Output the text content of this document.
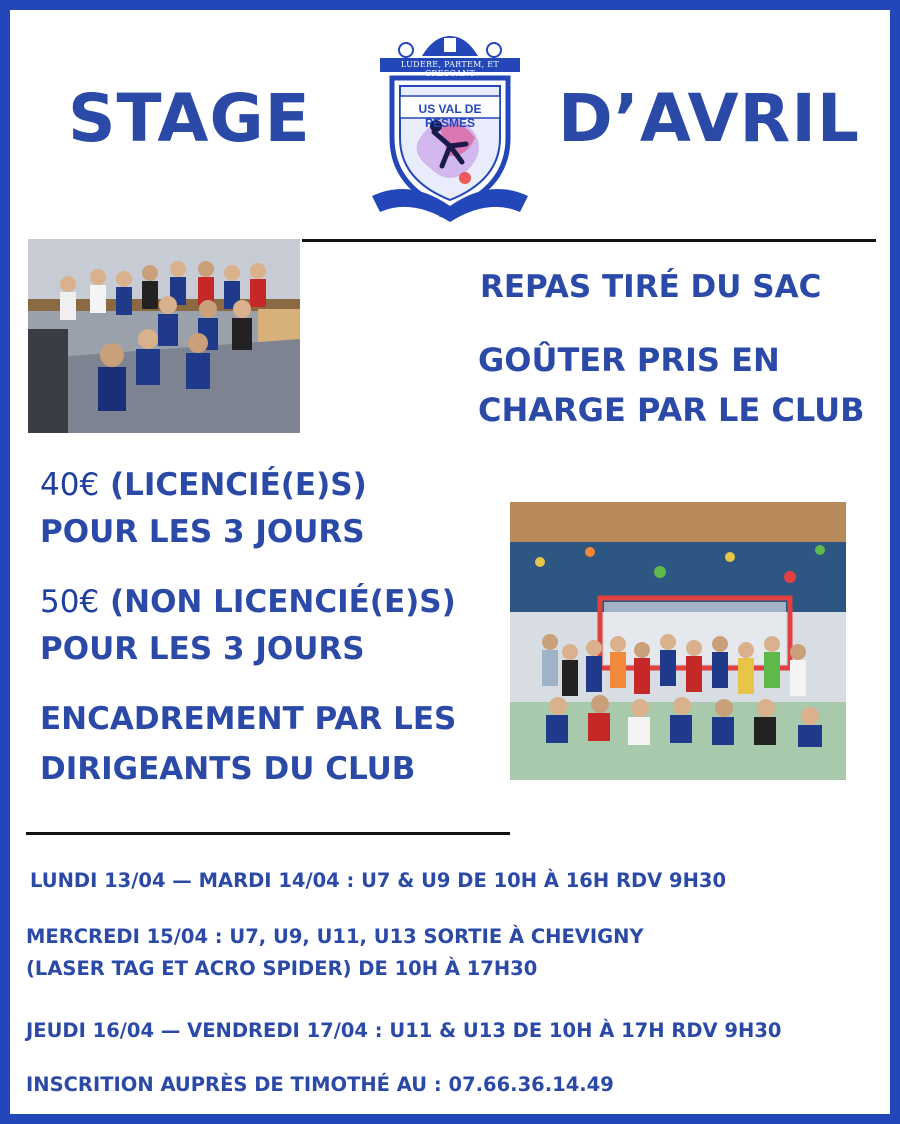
STAGE	D’AVRIL
LUDERE, PARTEM, ET CRESCANT
US VAL DE PESMES
1909
REPAS TIRÉ DU SAC
GOÛTER PRIS EN
CHARGE PAR LE CLUB
40€ (LICENCIÉ(E)S)
POUR LES 3 JOURS
50€ (NON LICENCIÉ(E)S)
POUR LES 3 JOURS
ENCADREMENT PAR LES
DIRIGEANTS DU CLUB
LUNDI 13/04 — MARDI 14/04 : U7 & U9 DE 10H À 16H RDV 9H30
MERCREDI 15/04 : U7, U9, U11, U13 SORTIE À CHEVIGNY
(LASER TAG ET ACRO SPIDER) DE 10H À 17H30
JEUDI 16/04 — VENDREDI 17/04 : U11 & U13 DE 10H À 17H RDV 9H30
INSCRITION AUPRÈS DE TIMOTHÉ AU : 07.66.36.14.49
